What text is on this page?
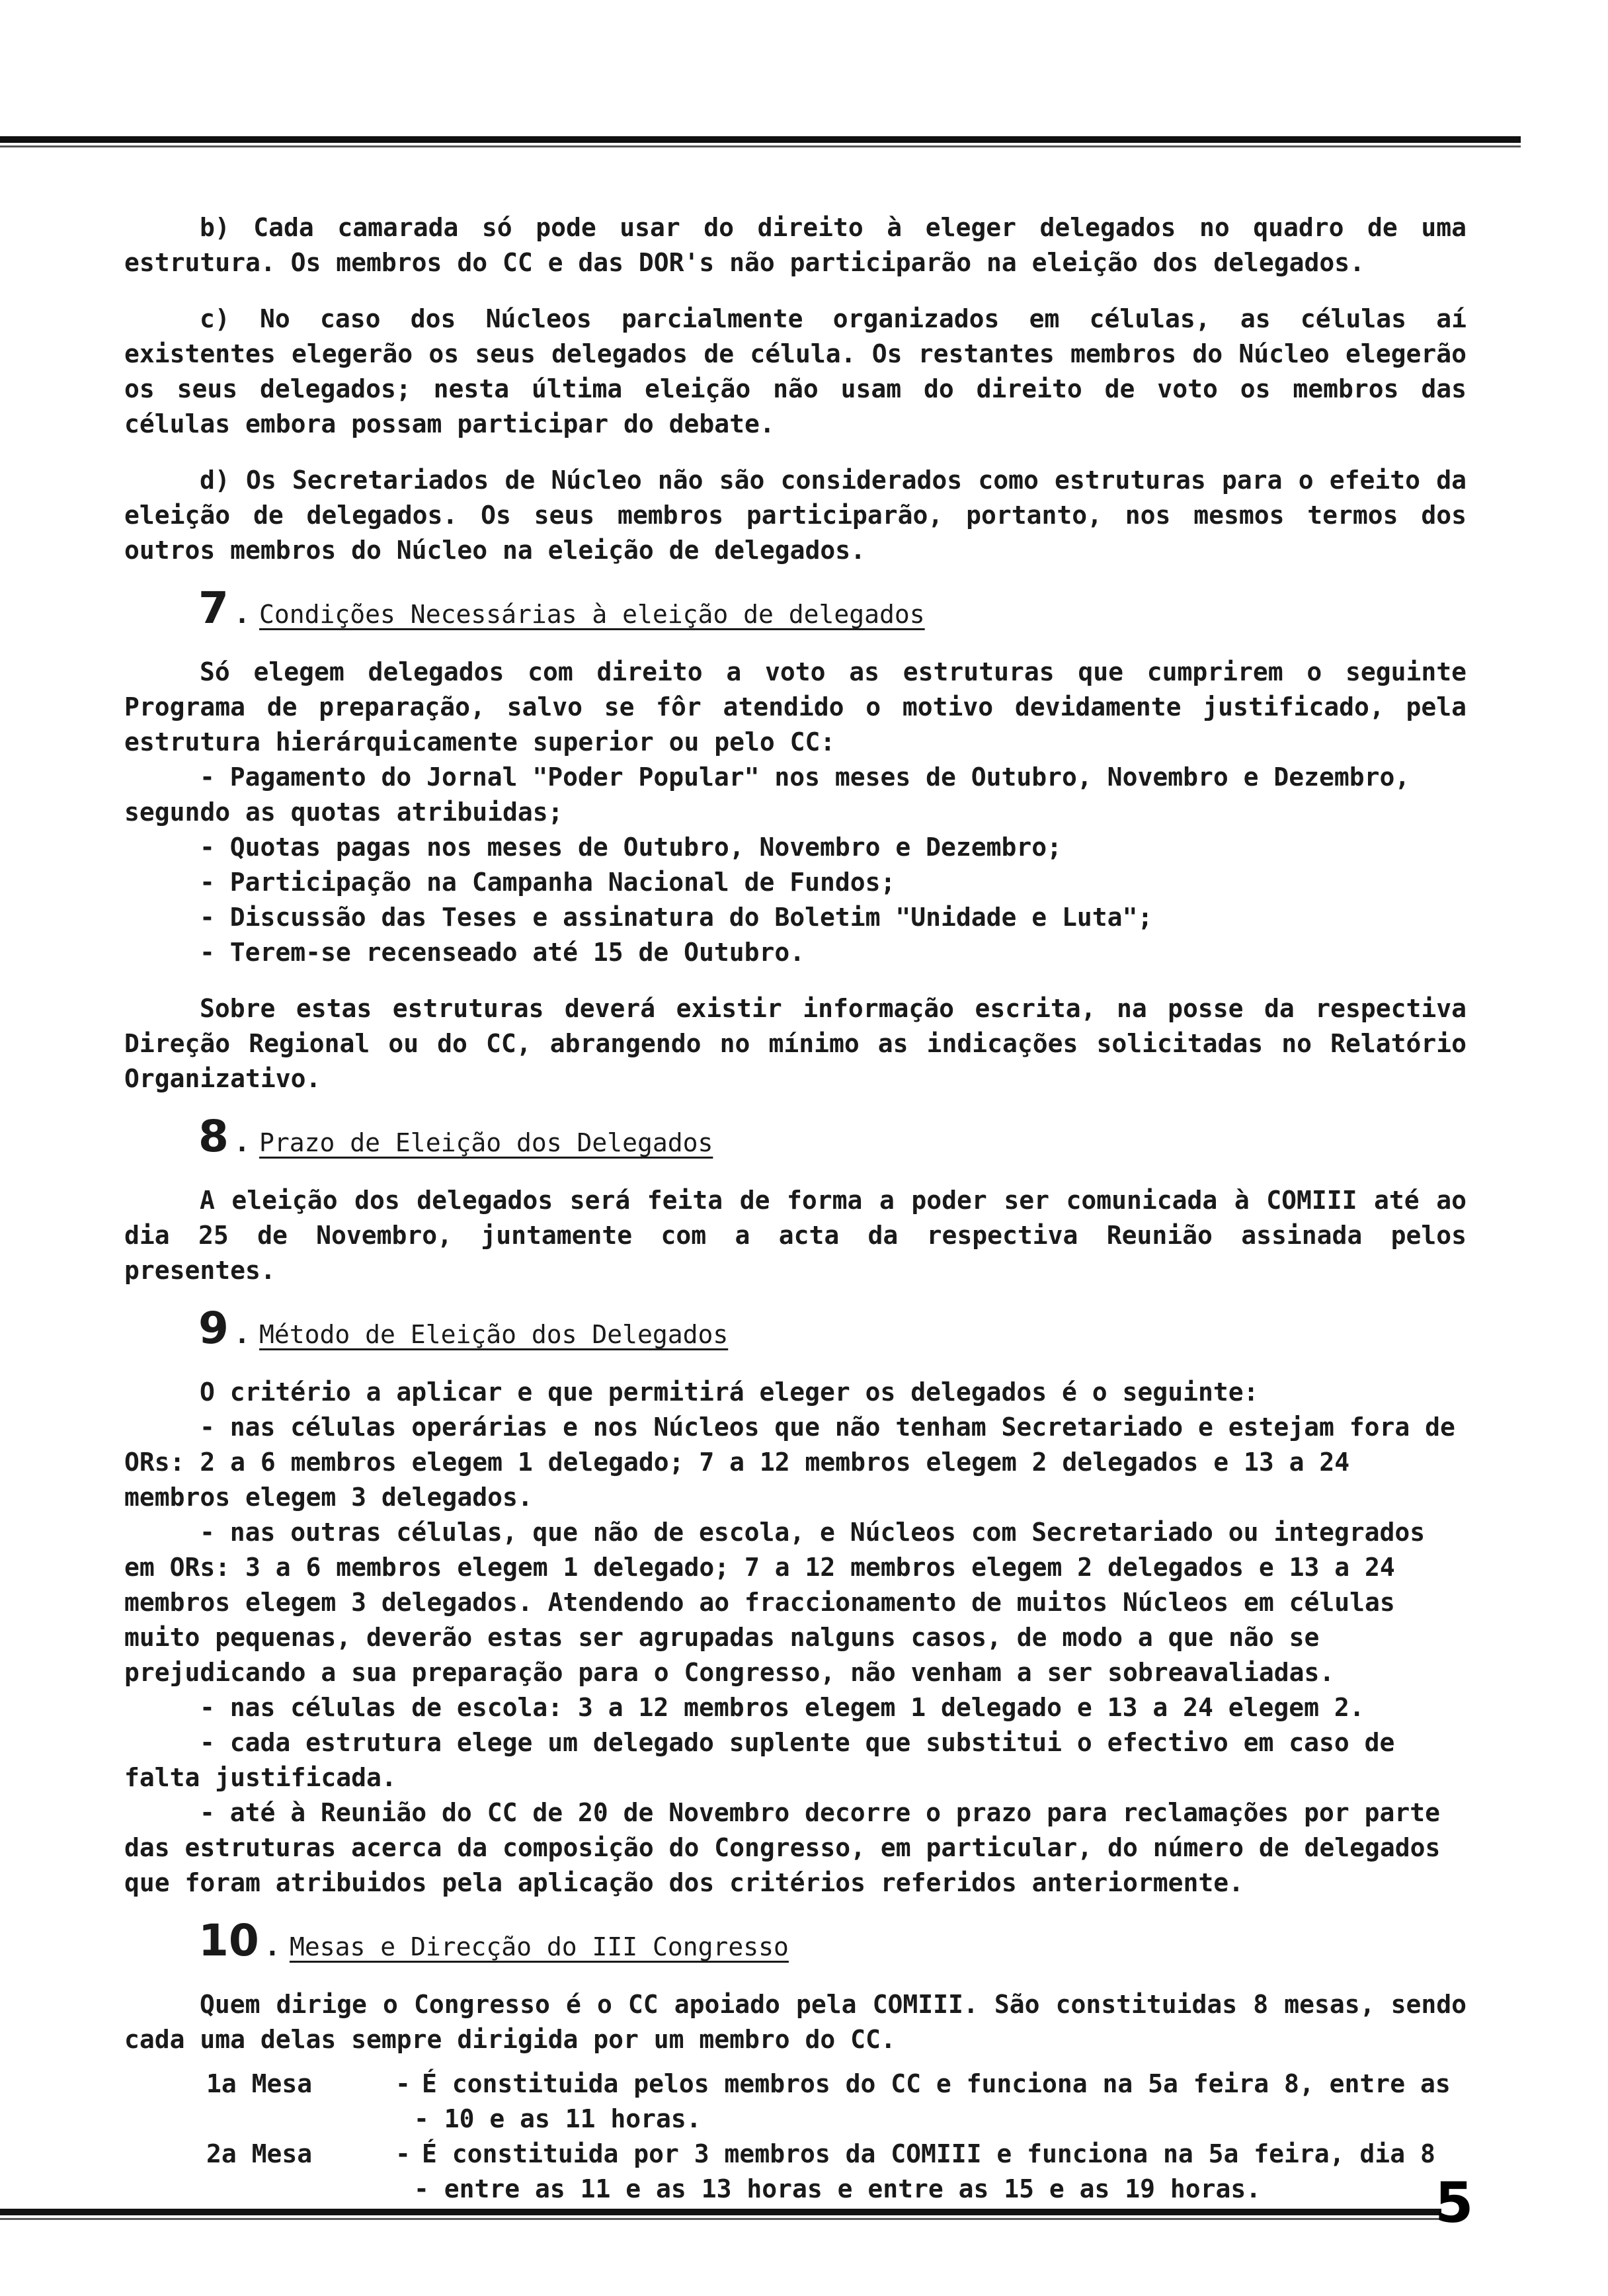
b) Cada camarada só pode usar do direito à eleger delegados no quadro de uma estrutura. Os membros do CC e das DOR's não participarão na eleição dos delegados.

c) No caso dos Núcleos parcialmente organizados em células, as células aí existentes elegerão os seus delegados de célula. Os restantes membros do Núcleo elegerão os seus delegados; nesta última eleição não usam do direito de voto os membros das células embora possam participar do debate.

d) Os Secretariados de Núcleo não são considerados como estruturas para o efeito da eleição de delegados. Os seus membros participarão, portanto, nos mesmos termos dos outros membros do Núcleo na eleição de delegados.

7 . Condições Necessárias à eleição de delegados

Só elegem delegados com direito a voto as estruturas que cumprirem o seguinte Programa de preparação, salvo se fôr atendido o motivo devidamente justificado, pela estrutura hierárquicamente superior ou pelo CC:

- Pagamento do Jornal "Poder Popular" nos meses de Outubro, Novembro e Dezembro, segundo as quotas atribuidas;
- Quotas pagas nos meses de Outubro, Novembro e Dezembro;
- Participação na Campanha Nacional de Fundos;
- Discussão das Teses e assinatura do Boletim "Unidade e Luta";
- Terem-se recenseado até 15 de Outubro.

Sobre estas estruturas deverá existir informação escrita, na posse da respectiva Direção Regional ou do CC, abrangendo no mínimo as indicações solicitadas no Relatório Organizativo.

8 . Prazo de Eleição dos Delegados

A eleição dos delegados será feita de forma a poder ser comunicada à COMIII até ao dia 25 de Novembro, juntamente com a acta da respectiva Reunião assinada pelos presentes.

9 . Método de Eleição dos Delegados

O critério a aplicar e que permitirá eleger os delegados é o seguinte:

- nas células operárias e nos Núcleos que não tenham Secretariado e estejam fora de ORs: 2 a 6 membros elegem 1 delegado; 7 a 12 membros elegem 2 delegados e 13 a 24 membros elegem 3 delegados.
- nas outras células, que não de escola, e Núcleos com Secretariado ou integrados em ORs: 3 a 6 membros elegem 1 delegado; 7 a 12 membros elegem 2 delegados e 13 a 24 membros elegem 3 delegados. Atendendo ao fraccionamento de muitos Núcleos em células muito pequenas, deverão estas ser agrupadas nalguns casos, de modo a que não se prejudicando a sua preparação para o Congresso, não venham a ser sobreavaliadas.
- nas células de escola: 3 a 12 membros elegem 1 delegado e 13 a 24 elegem 2.
- cada estrutura elege um delegado suplente que substitui o efectivo em caso de falta justificada.
- até à Reunião do CC de 20 de Novembro decorre o prazo para reclamações por parte das estruturas acerca da composição do Congresso, em particular, do número de delegados que foram atribuidos pela aplicação dos critérios referidos anteriormente.
10 . Mesas e Direcção do III Congresso

Quem dirige o Congresso é o CC apoiado pela COMIII. São constituidas 8 mesas, sendo cada uma delas sempre dirigida por um membro do CC.

1a Mesa	- É constituida pelos membros do CC e funciona na 5a feira 8, entre as
- 10 e as 11 horas.
2a Mesa	- É constituida por 3 membros da COMIII e funciona na 5a feira, dia 8
- entre as 11 e as 13 horas e entre as 15 e as 19 horas.	5
